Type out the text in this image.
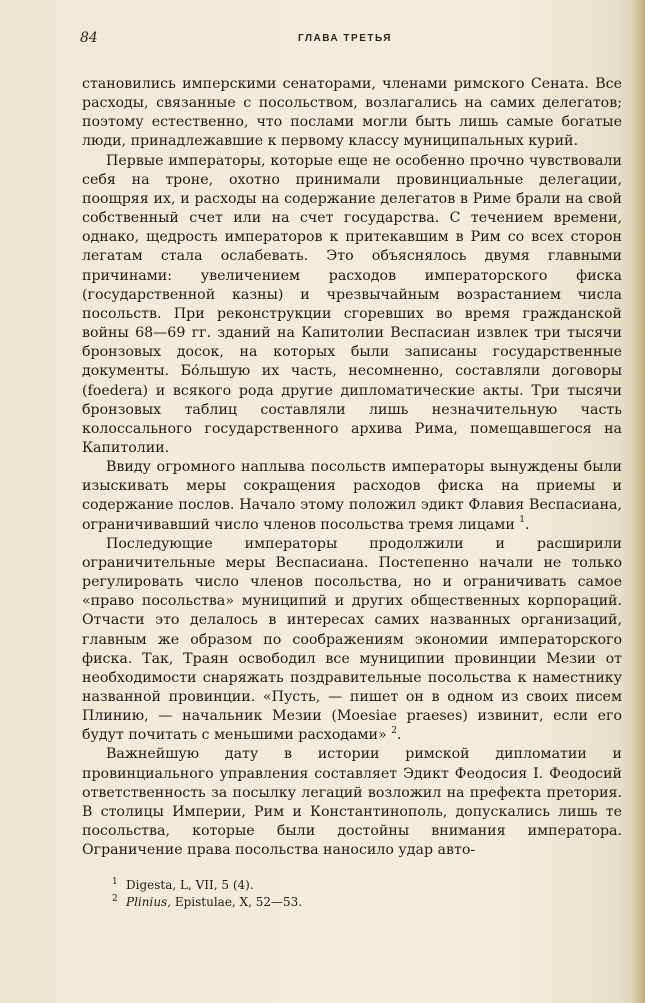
84	ГЛАВА ТРЕТЬЯ

становились имперскими сенаторами, членами римского Сената. Все расходы, связанные с посольством, возлагались на самих делегатов; поэтому естественно, что послами могли быть лишь самые богатые люди, принадлежавшие к первому классу муниципальных курий.

Первые императоры, которые еще не особенно прочно чувствовали себя на троне, охотно принимали провинциальные делегации, поощряя их, и расходы на содержание делегатов в Риме брали на свой собственный счет или на счет государства. С течением времени, однако, щедрость императоров к притекавшим в Рим со всех сторон легатам стала ослабевать. Это объяснялось двумя главными причинами: увеличением расходов императорского фиска (государственной казны) и чрезвычайным возрастанием числа посольств. При реконструкции сгоревших во время гражданской войны 68—69 гг. зданий на Капитолии Веспасиан извлек три тысячи бронзовых досок, на которых были записаны государственные документы. Бо́льшую их часть, несомненно, составляли договоры (foedera) и всякого рода другие дипломатические акты. Три тысячи бронзовых таблиц составляли лишь незначительную часть колоссального государственного архива Рима, помещавшегося на Капитолии.

Ввиду огромного наплыва посольств императоры вынуждены были изыскивать меры сокращения расходов фиска на приемы и содержание послов. Начало этому положил эдикт Флавия Веспасиана, ограничивавший число членов посольства тремя лицами $^1$.

Последующие императоры продолжили и расширили ограничительные меры Веспасиана. Постепенно начали не только регулировать число членов посольства, но и ограничивать самое «право посольства» муниципий и других общественных корпораций. Отчасти это делалось в интересах самих названных организаций, главным же образом по соображениям экономии императорского фиска. Так, Траян освободил все муниципии провинции Мезии от необходимости снаряжать поздравительные посольства к наместнику названной провинции. «Пусть, — пишет он в одном из своих писем Плинию, — начальник Мезии (Moesiae praeses) извинит, если его будут почитать с меньшими расходами» $^2$.

Важнейшую дату в истории римской дипломатии и провинциального управления составляет Эдикт Феодосия I. Феодосий ответственность за посылку легаций возложил на префекта претория. В столицы Империи, Рим и Константинополь, допускались лишь те посольства, которые были достойны внимания императора. Ограничение права посольства наносило удар авто-

1 Digesta, L, VII, 5 (4).

2 Plinius, Epistulae, X, 52—53.
